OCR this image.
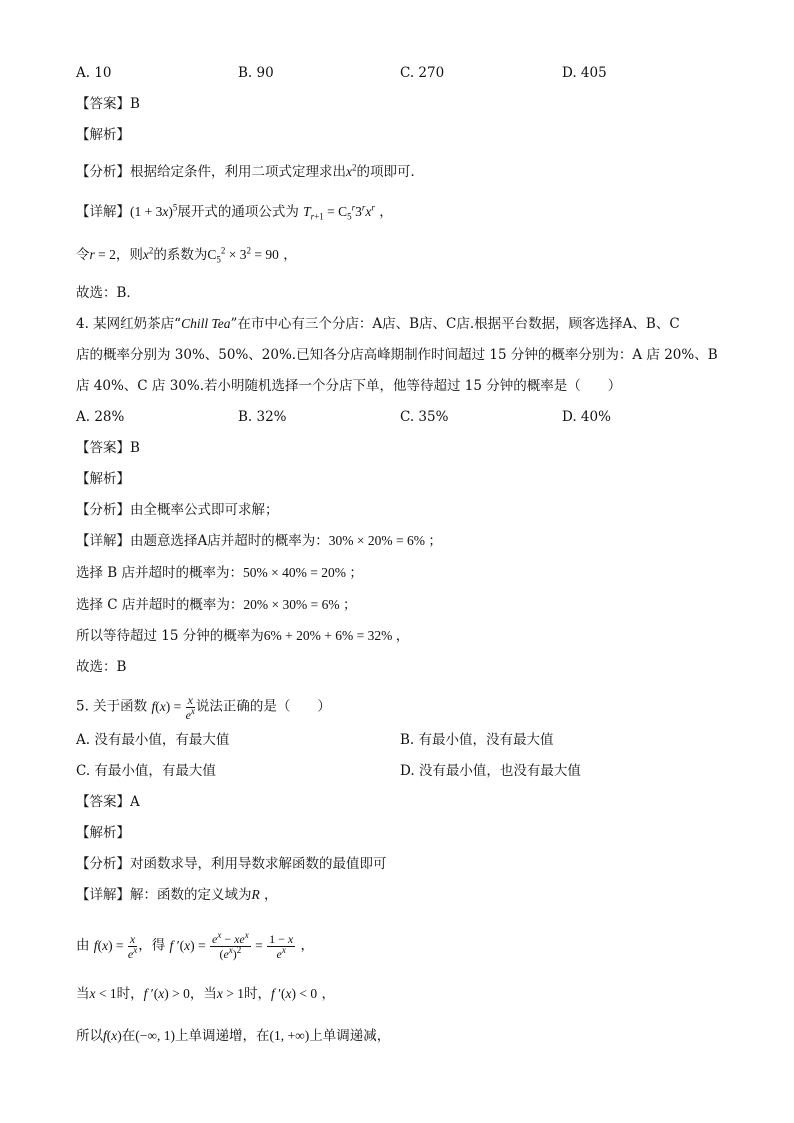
A. 10	B. 90	C. 270	D. 405
【答案】B
【解析】
【分析】根据给定条件，利用二项式定理求出$x^2$的项即可．
【详解】$(1 + 3x)^5$展开式的通项公式为 $T_{r+1} = C_5^r3^rx^r$ ，
令r = 2，则$x^2$的系数为$C_5^2 \times 3^2 = 90$ ，
故选：B．
4. 某网红奶茶店“Chill Tea”在市中心有三个分店：A店、B店、C店.根据平台数据，顾客选择A、B、C
店的概率分别为 30%、50%、20%.已知各分店高峰期制作时间超过 15 分钟的概率分别为：A 店 20%、B
店 40%、C 店 30%.若小明随机选择一个分店下单，他等待超过 15 分钟的概率是（　　）
A. 28%	B. 32%	C. 35%	D. 40%
【答案】B
【解析】
【分析】由全概率公式即可求解；
【详解】由题意选择A店并超时的概率为：30% × 20% = 6% ；
选择 B 店并超时的概率为：50% × 40% = 20% ；
选择 C 店并超时的概率为：20% × 30% = 6% ；
所以等待超过 15 分钟的概率为6% + 20% + 6% = 32% ，
故选：B
5. 关于函数 $f(x) = \frac{x}{e^x}$ 说法正确的是（　　）
A. 没有最小值，有最大值	B. 有最小值，没有最大值
C. 有最小值，有最大值	D. 没有最小值，也没有最大值
【答案】A
【解析】
【分析】对函数求导，利用导数求解函数的最值即可
【详解】解：函数的定义域为R ，
由 $f(x) = \frac{x}{e^x}$ ，得 f $'(x) = \frac{e^x - xe^x}{(e^x)^2} = \frac{1 - x}{e^x}$ ，
当x < 1时，f ′(x) > 0，当x > 1时，f ′(x) < 0 ，
所以f(x)在(−∞, 1)上单调递增，在(1, +∞)上单调递减，
